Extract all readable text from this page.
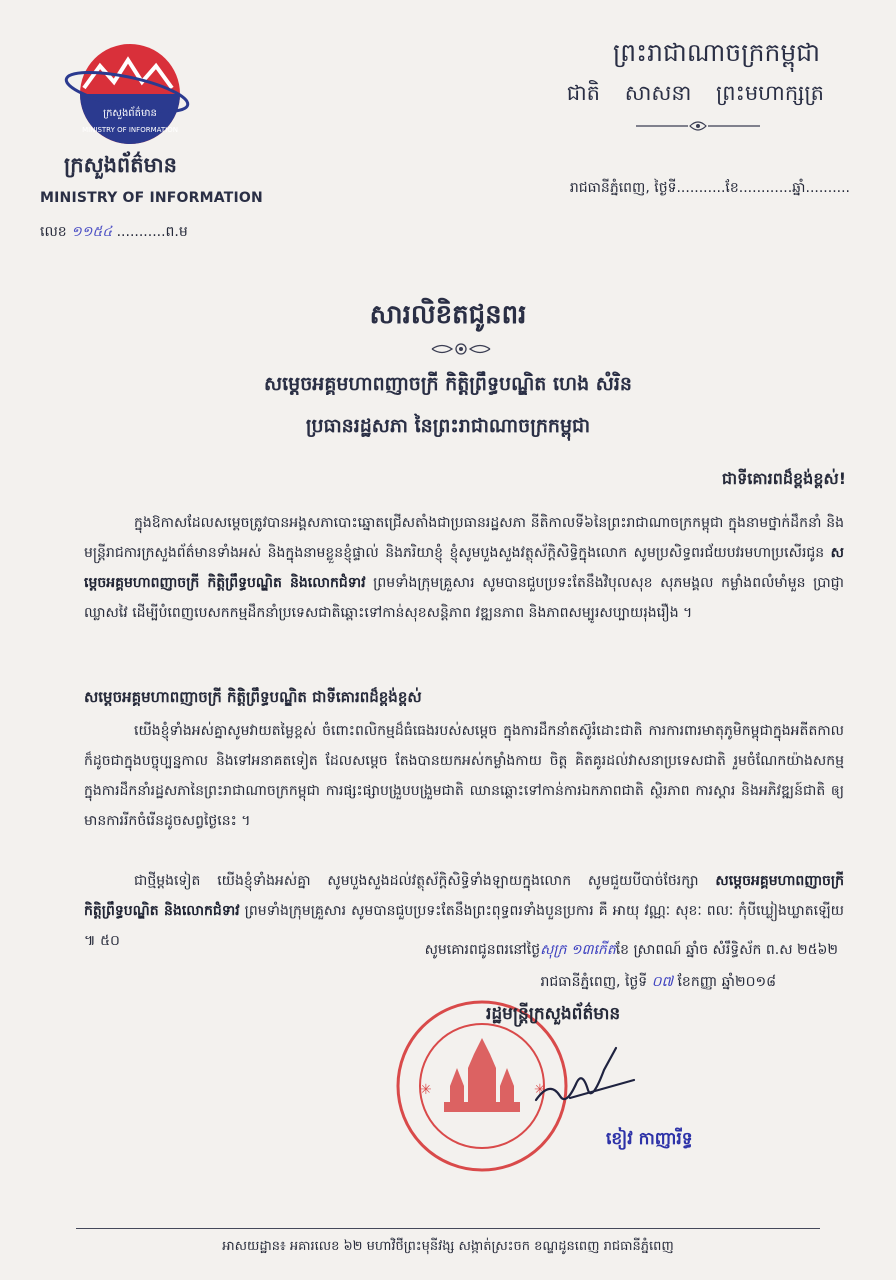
ក្រសួងព័ត៌មាន
MINISTRY OF INFORMATION
ក្រសួងព័ត៌មាន
MINISTRY OF INFORMATION
លេខ ១១៥៤ ...........ព.ម
ព្រះរាជាណាចក្រកម្ពុជា
ជាតិ សាសនា ព្រះមហាក្សត្រ
រាជធានីភ្នំពេញ, ថ្ងៃទី...........ខែ............ឆ្នាំ..........
សារលិខិតជូនពរ
សម្តេចអគ្គមហាពញាចក្រី កិត្តិព្រឹទ្ធបណ្ឌិត ហេង សំរិន
ប្រធានរដ្ឋសភា នៃព្រះរាជាណាចក្រកម្ពុជា
ជាទីគោរពដ៏ខ្ពង់ខ្ពស់!
ក្នុងឱកាសដែលសម្តេចត្រូវបានអង្គសភាបោះឆ្នោតជ្រើសតាំងជាប្រធានរដ្ឋសភា នីតិកាលទី៦នៃព្រះរាជាណាចក្រកម្ពុជា ក្នុងនាមថ្នាក់ដឹកនាំ និងមន្ត្រីរាជការក្រសួងព័ត៌មានទាំងអស់ និងក្នុងនាមខ្លួនខ្ញុំផ្ទាល់ និងភរិយាខ្ញុំ ខ្ញុំសូមបួងសួងវត្ថុស័ក្តិសិទ្ធិក្នុងលោក សូមប្រសិទ្ធពរជ័យបវរមហាប្រសើរជូន សម្តេចអគ្គមហាពញាចក្រី កិត្តិព្រឹទ្ធបណ្ឌិត និងលោកជំទាវ ព្រមទាំងក្រុមគ្រួសារ សូមបានជួបប្រទះតែនឹងវិបុលសុខ សុភមង្គល កម្លាំងពលំមាំមួន ប្រាជ្ញាឈ្លាសវៃ ដើម្បីបំពេញបេសកកម្មដឹកនាំប្រទេសជាតិឆ្ពោះទៅកាន់សុខសន្តិភាព វឌ្ឍនភាព និងភាពសម្បូរសប្បាយរុងរឿង ។
សម្តេចអគ្គមហាពញាចក្រី កិត្តិព្រឹទ្ធបណ្ឌិត ជាទីគោរពដ៏ខ្ពង់ខ្ពស់
យើងខ្ញុំទាំងអស់គ្នាសូមវាយតម្លៃខ្ពស់ ចំពោះពលិកម្មដ៏ធំធេងរបស់សម្តេច ក្នុងការដឹកនាំតស៊ូរំដោះជាតិ ការការពារមាតុភូមិកម្ពុជាក្នុងអតីតកាល ក៏ដូចជាក្នុងបច្ចុប្បន្នកាល និងទៅអនាគតទៀត ដែលសម្តេច តែងបានយកអស់កម្លាំងកាយ ចិត្ត គិតគូរដល់វាសនាប្រទេសជាតិ រួមចំណែកយ៉ាងសកម្ម ក្នុងការដឹកនាំរដ្ឋសភានៃព្រះរាជាណាចក្រកម្ពុជា ការផ្សះផ្សាបង្រួបបង្រួមជាតិ ឈានឆ្ពោះទៅកាន់ការឯកភាពជាតិ ស្ថិរភាព ការស្តារ និងអភិវឌ្ឍន៍ជាតិ ឲ្យមានការរីកចំរើនដូចសព្វថ្ងៃនេះ ។
ជាថ្មីម្តងទៀត យើងខ្ញុំទាំងអស់គ្នា សូមបួងសួងដល់វត្ថុស័ក្តិសិទ្ធិទាំងឡាយក្នុងលោក សូមជួយបីបាច់ថែរក្សា សម្តេចអគ្គមហាពញាចក្រីកិត្តិព្រឹទ្ធបណ្ឌិត និងលោកជំទាវ ព្រមទាំងក្រុមគ្រួសារ សូមបានជួបប្រទះតែនឹងព្រះពុទ្ធពរទាំងបួនប្រការ គឺ អាយុ វណ្ណៈ សុខៈ ពលៈ កុំបីឃ្លៀងឃ្លាតឡើយ ៕ ៥០
សូមគោរពជូនពរនៅថ្ងៃសុក្រ ១៣កើតខែ ស្រាពណ៍ ឆ្នាំច សំរឹទ្ធិស័ក ព.ស ២៥៦២
រាជធានីភ្នំពេញ, ថ្ងៃទី ០៧ ខែកញ្ញា ឆ្នាំ២០១៨
✳	✳
រដ្ឋមន្ត្រីក្រសួងព័ត៌មាន
ខៀវ កាញារីទ្ធ
អាសយដ្ឋាន៖ អគារលេខ ៦២ មហាវិថីព្រះមុនីវង្ស សង្កាត់ស្រះចក ខណ្ឌដូនពេញ រាជធានីភ្នំពេញ
